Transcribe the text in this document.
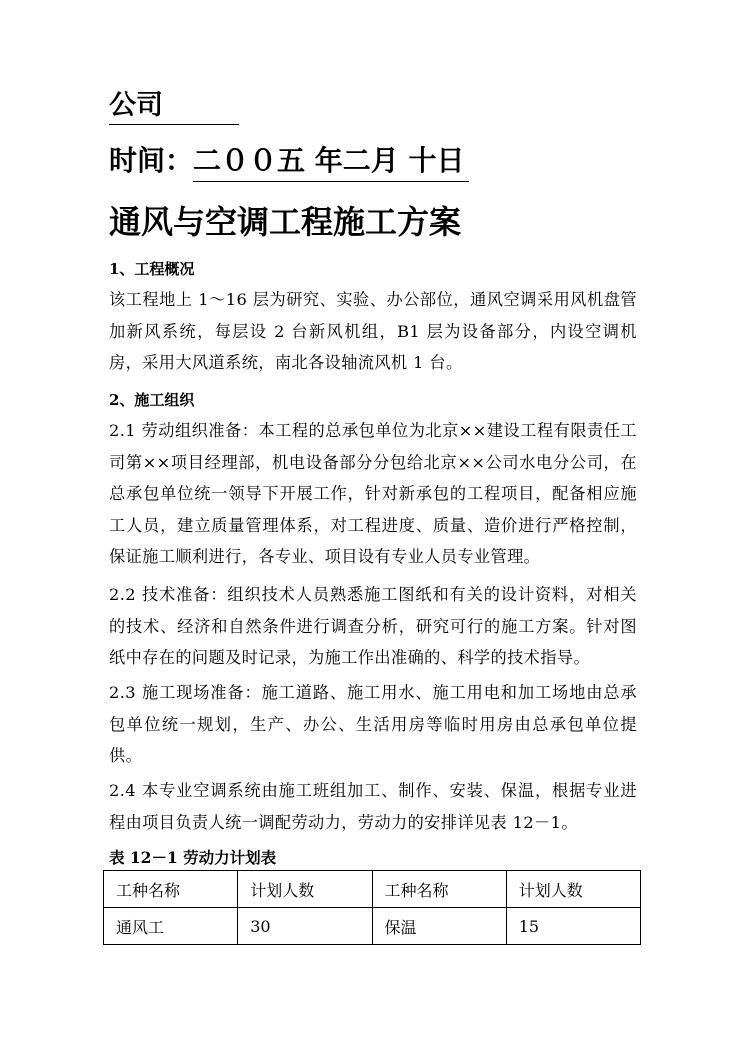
公司
时间：二００五 年二月 十日
通风与空调工程施工方案
1、工程概况
该工程地上 1～16 层为研究、实验、办公部位，通风空调采用风机盘管加新风系统，每层设 2 台新风机组，B1 层为设备部分，内设空调机房，采用大风道系统，南北各设轴流风机 1 台。
2、施工组织
2.1 劳动组织准备：本工程的总承包单位为北京××建设工程有限责任工司第××项目经理部，机电设备部分分包给北京××公司水电分公司，在总承包单位统一领导下开展工作，针对新承包的工程项目，配备相应施工人员，建立质量管理体系，对工程进度、质量、造价进行严格控制，保证施工顺利进行，各专业、项目设有专业人员专业管理。
2.2 技术准备：组织技术人员熟悉施工图纸和有关的设计资料，对相关的技术、经济和自然条件进行调查分析，研究可行的施工方案。针对图纸中存在的问题及时记录，为施工作出准确的、科学的技术指导。
2.3 施工现场准备：施工道路、施工用水、施工用电和加工场地由总承包单位统一规划，生产、办公、生活用房等临时用房由总承包单位提供。
2.4 本专业空调系统由施工班组加工、制作、安装、保温，根据专业进程由项目负责人统一调配劳动力，劳动力的安排详见表 12－1。
表 12－1 劳动力计划表
工种名称	计划人数	工种名称	计划人数
通风工	30	保温	15
